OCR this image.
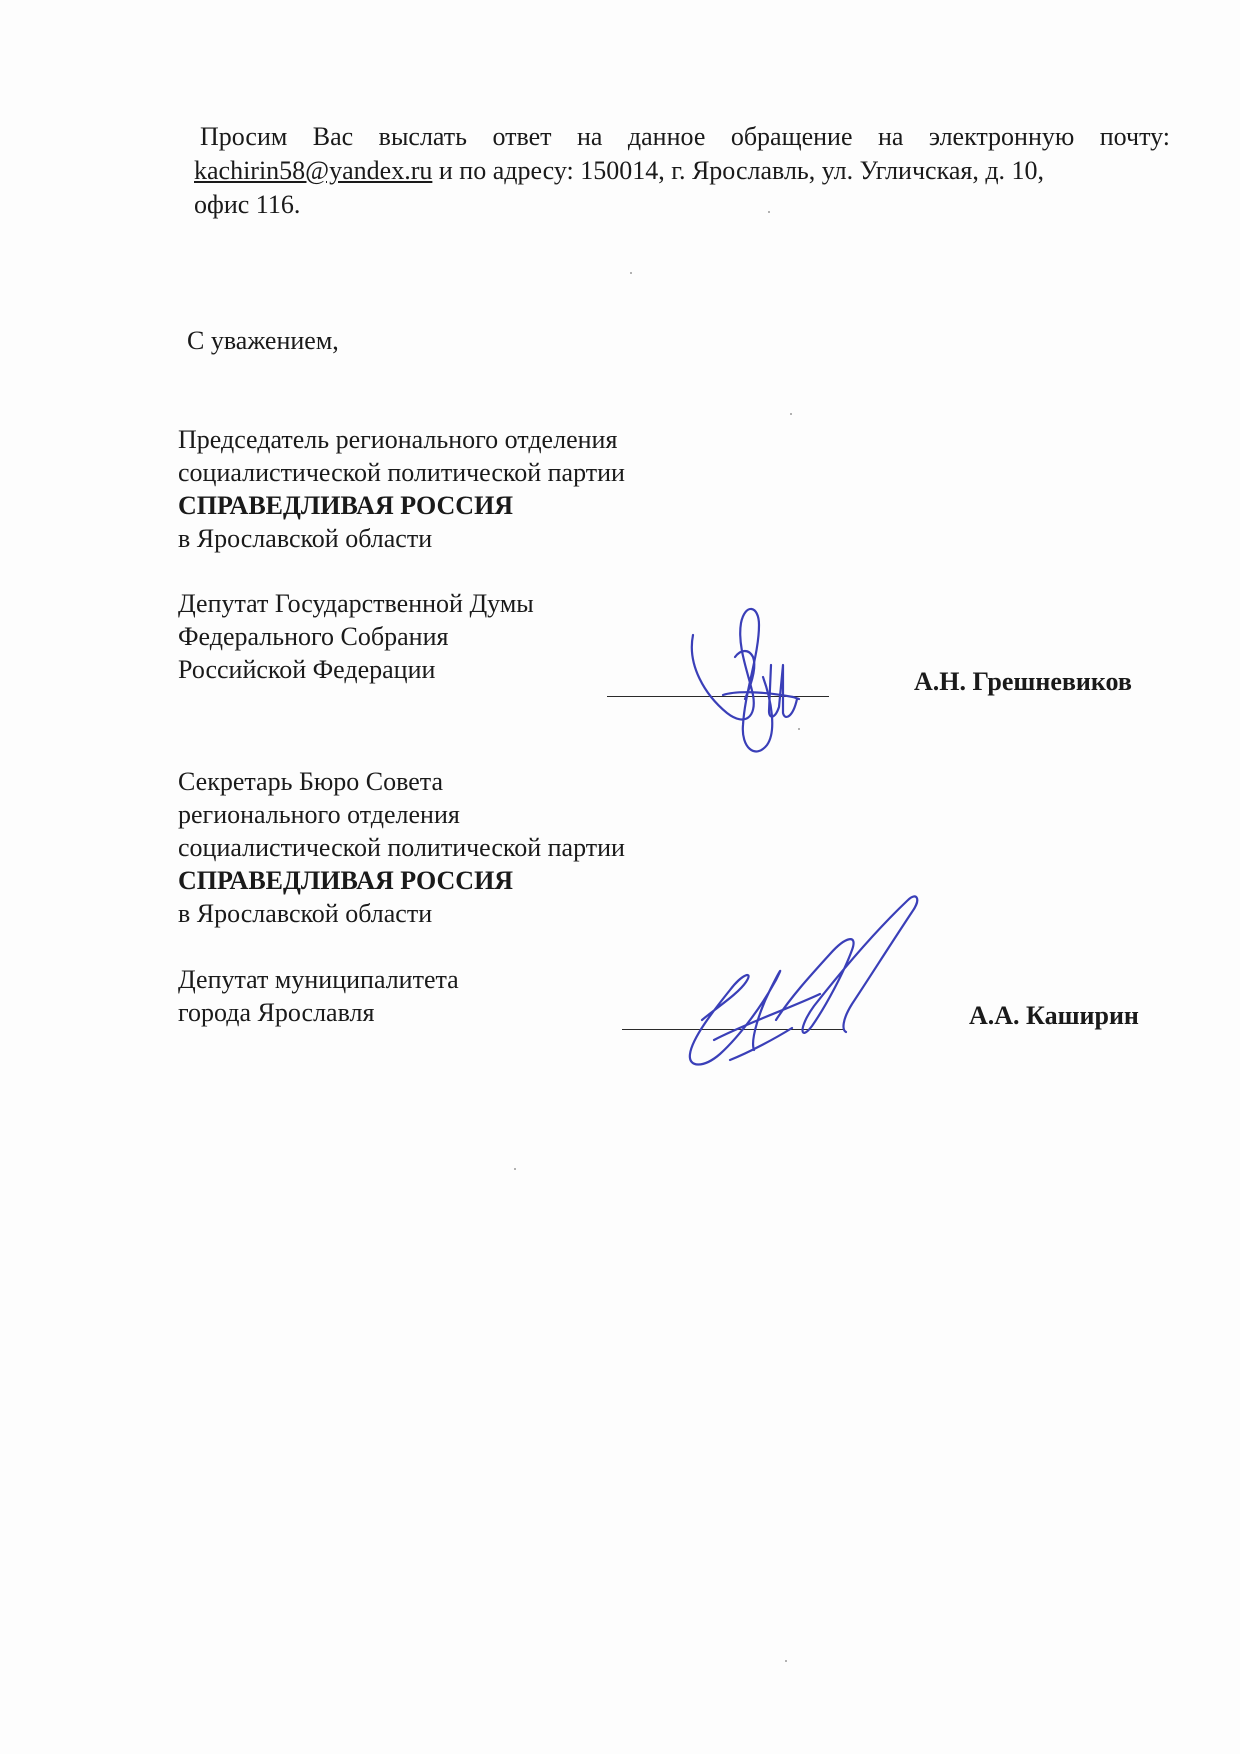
Просим Вас выслать ответ на данное обращение на электронную почту:
kachirin58@yandex.ru и по адресу: 150014, г. Ярославль, ул. Угличская, д. 10,
офис 116.
С уважением,
Председатель регионального отделения
социалистической политической партии
СПРАВЕДЛИВАЯ РОССИЯ
в Ярославской области
Депутат Государственной Думы
Федерального Собрания
Российской Федерации	А.Н. Грешневиков
Секретарь Бюро Совета
регионального отделения
социалистической политической партии
СПРАВЕДЛИВАЯ РОССИЯ
в Ярославской области
Депутат муниципалитета
города Ярославля	А.А. Каширин
